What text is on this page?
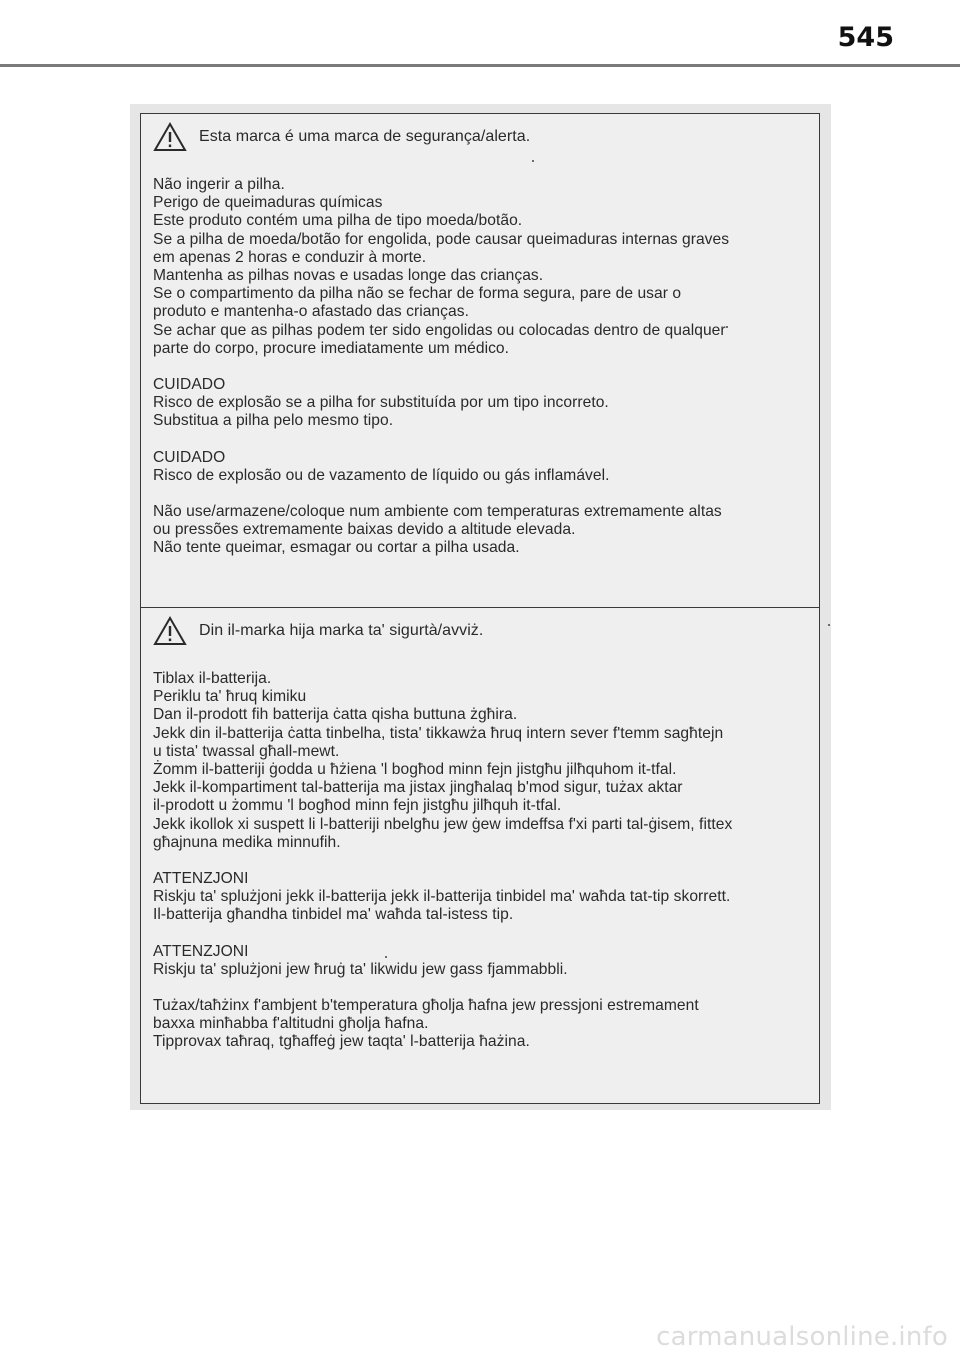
545
Esta marca é uma marca de segurança/alerta.
Não ingerir a pilha.
Perigo de queimaduras químicas
Este produto contém uma pilha de tipo moeda/botão.
Se a pilha de moeda/botão for engolida, pode causar queimaduras internas graves
em apenas 2 horas e conduzir à morte.
Mantenha as pilhas novas e usadas longe das crianças.
Se o compartimento da pilha não se fechar de forma segura, pare de usar o
produto e mantenha-o afastado das crianças.
Se achar que as pilhas podem ter sido engolidas ou colocadas dentro de qualquer
parte do corpo, procure imediatamente um médico.
CUIDADO
Risco de explosão se a pilha for substituída por um tipo incorreto.
Substitua a pilha pelo mesmo tipo.
CUIDADO
Risco de explosão ou de vazamento de líquido ou gás inflamável.
Não use/armazene/coloque num ambiente com temperaturas extremamente altas
ou pressões extremamente baixas devido a altitude elevada.
Não tente queimar, esmagar ou cortar a pilha usada.
Din il-marka hija marka ta' sigurtà/avviż.
Tiblax il-batterija.
Periklu ta' ħruq kimiku
Dan il-prodott fih batterija ċatta qisha buttuna żgħira.
Jekk din il-batterija ċatta tinbelha, tista' tikkawża ħruq intern sever f'temm sagħtejn
u tista' twassal għall-mewt.
Żomm il-batteriji ġodda u ħżiena 'l bogħod minn fejn jistgħu jilħquhom it-tfal.
Jekk il-kompartiment tal-batterija ma jistax jingħalaq b'mod sigur, tużax aktar
il-prodott u żommu 'l bogħod minn fejn jistgħu jilħquh it-tfal.
Jekk ikollok xi suspett li l-batteriji nbelgħu jew ġew imdeffsa f'xi parti tal-ġisem, fittex
għajnuna medika minnufih.
ATTENZJONI
Riskju ta' splużjoni jekk il-batterija jekk il-batterija tinbidel ma' waħda tat-tip skorrett.
Il-batterija għandha tinbidel ma' waħda tal-istess tip.
ATTENZJONI
Riskju ta' splużjoni jew ħruġ ta' likwidu jew gass fjammabbli.
Tużax/taħżinx f'ambjent b'temperatura għolja ħafna jew pressjoni estremament
baxxa minħabba f'altitudni għolja ħafna.
Tipprovax taħraq, tgħaffeġ jew taqta' l-batterija ħażina.
carmanualsonline.info
